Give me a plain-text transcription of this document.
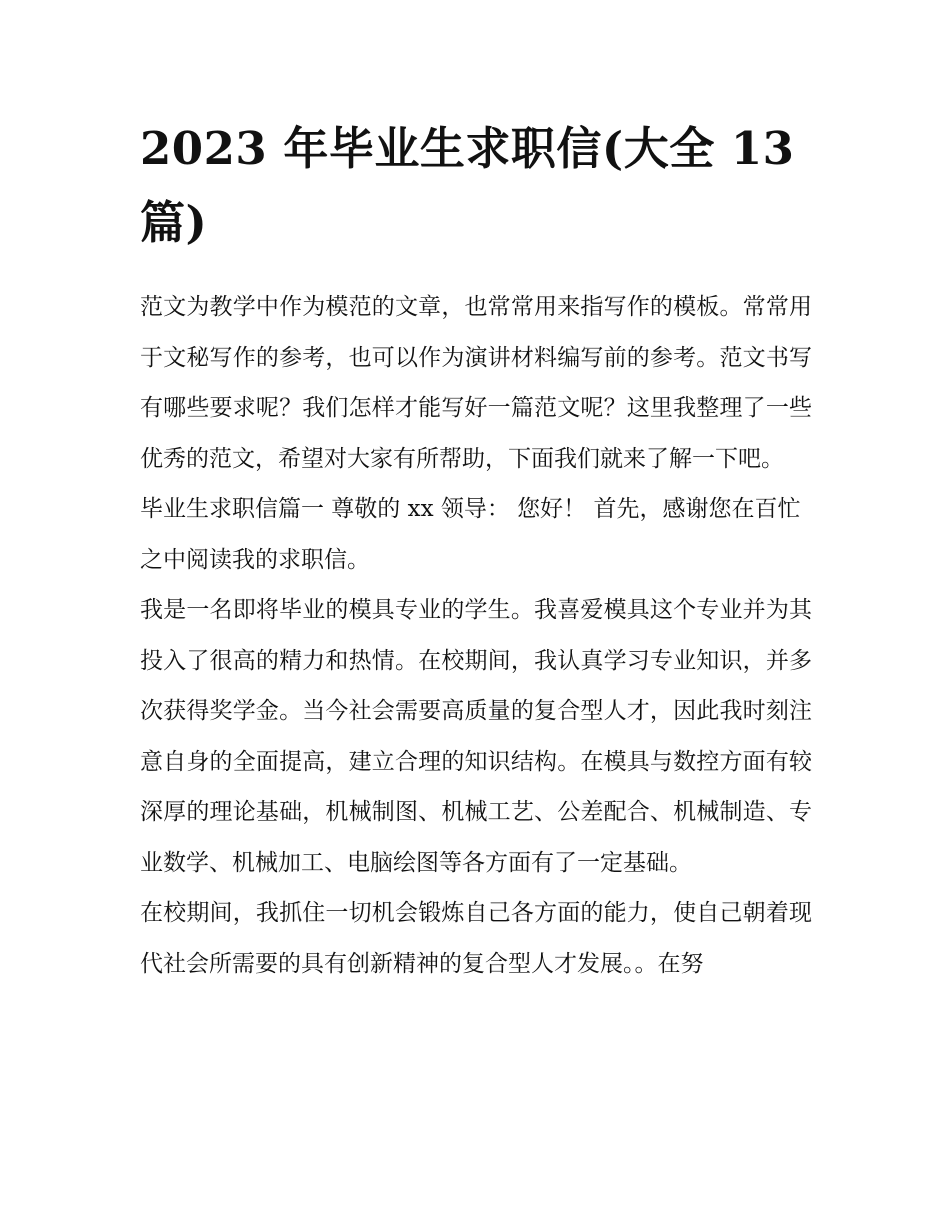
2023 年毕业生求职信(大全 13 篇)

范文为教学中作为模范的文章，也常常用来指写作的模板。常常用于文秘写作的参考，也可以作为演讲材料编写前的参考。范文书写有哪些要求呢？我们怎样才能写好一篇范文呢？这里我整理了一些优秀的范文，希望对大家有所帮助，下面我们就来了解一下吧。

毕业生求职信篇一 尊敬的 xx 领导： 您好！ 首先，感谢您在百忙之中阅读我的求职信。

我是一名即将毕业的模具专业的学生。我喜爱模具这个专业并为其投入了很高的精力和热情。在校期间，我认真学习专业知识，并多次获得奖学金。当今社会需要高质量的复合型人才，因此我时刻注意自身的全面提高，建立合理的知识结构。在模具与数控方面有较深厚的理论基础，机械制图、机械工艺、公差配合、机械制造、专业数学、机械加工、电脑绘图等各方面有了一定基础。

在校期间，我抓住一切机会锻炼自己各方面的能力，使自己朝着现代社会所需要的具有创新精神的复合型人才发展。。在努
